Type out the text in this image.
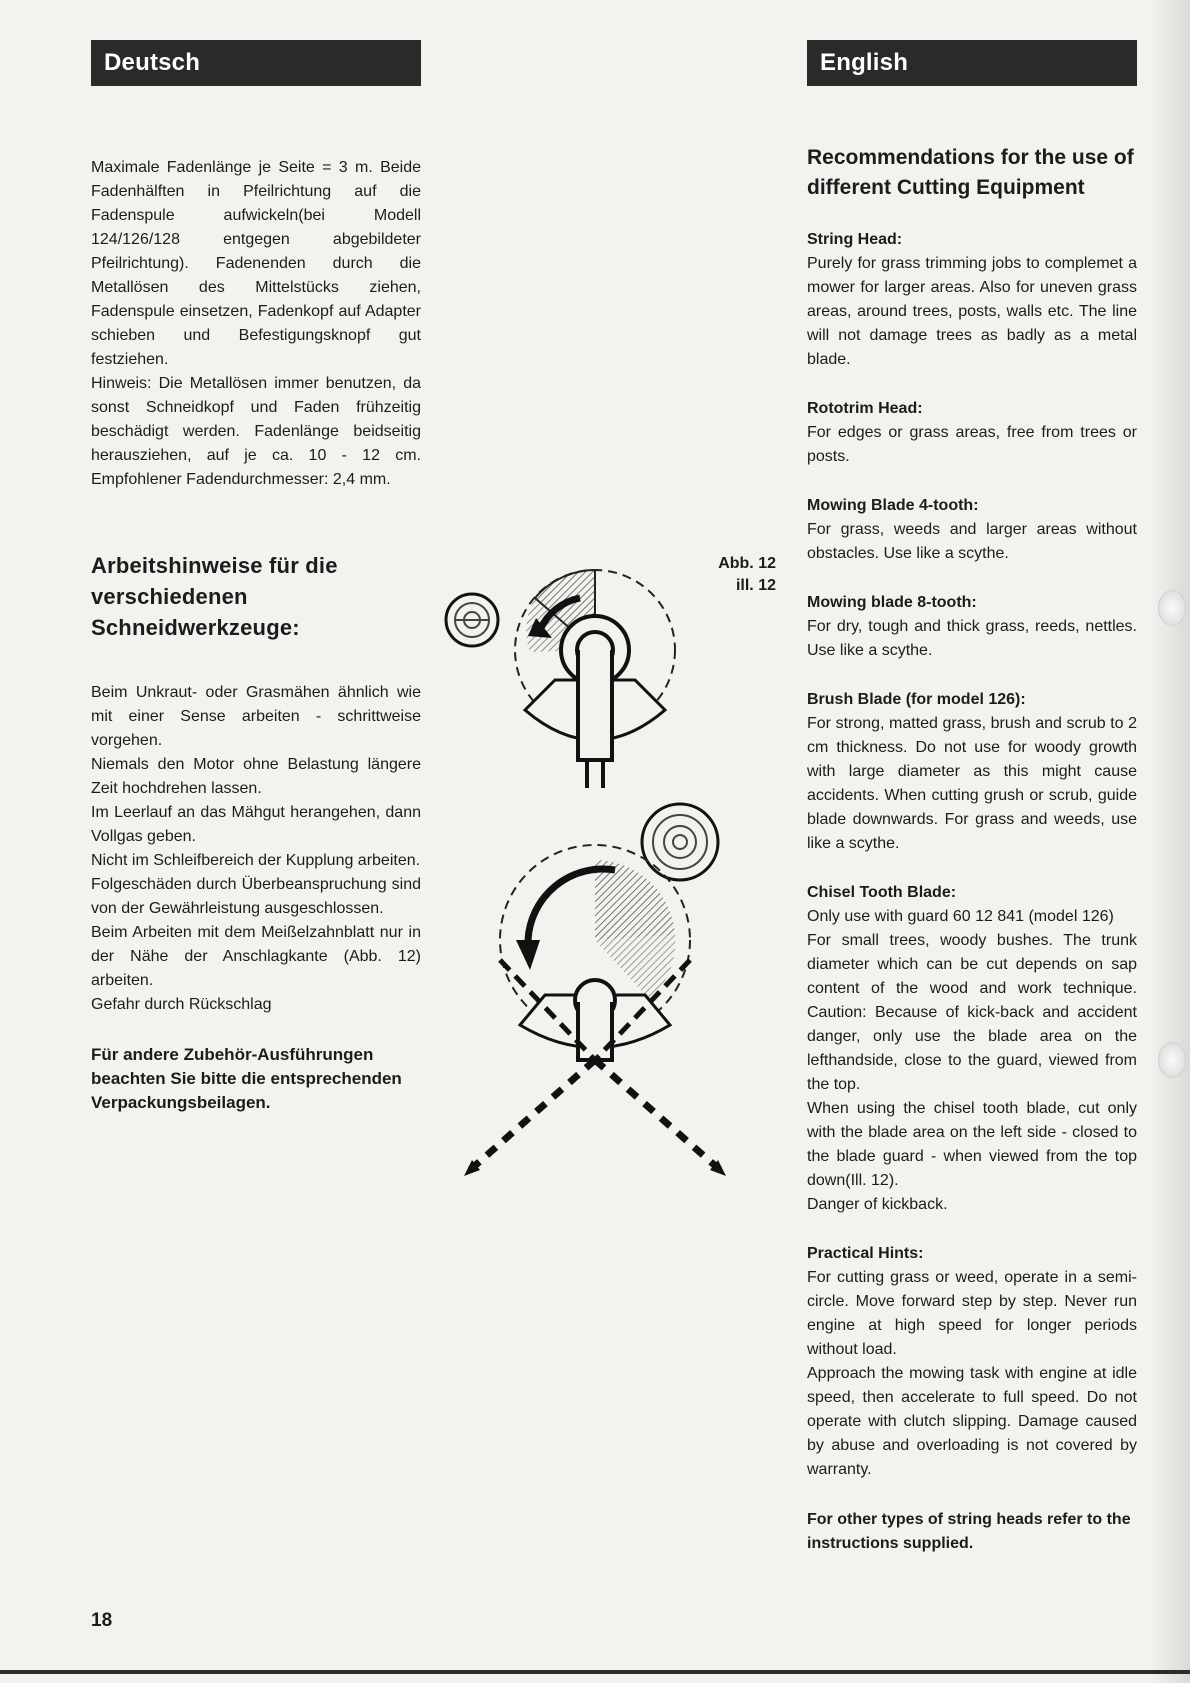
Deutsch

Maximale Fadenlänge je Seite = 3 m. Beide Fadenhälften in Pfeilrichtung auf die Fadenspule aufwickeln(bei Modell 124/126/128 entgegen abgebildeter Pfeilrichtung). Fadenenden durch die Metallösen des Mittelstücks ziehen, Fadenspule einsetzen, Fadenkopf auf Adapter schieben und Befestigungsknopf gut festziehen.

Hinweis: Die Metallösen immer benutzen, da sonst Schneidkopf und Faden frühzeitig beschädigt werden. Fadenlänge beidseitig herausziehen, auf je ca. 10 - 12 cm. Empfohlener Fadendurchmesser: 2,4 mm.

Arbeitshinweise für die verschiedenen Schneidwerkzeuge:

Beim Unkraut- oder Grasmähen ähnlich wie mit einer Sense arbeiten - schrittweise vorgehen.

Niemals den Motor ohne Belastung längere Zeit hochdrehen lassen.

Im Leerlauf an das Mähgut herangehen, dann Vollgas geben.

Nicht im Schleifbereich der Kupplung arbeiten.

Folgeschäden durch Überbeanspruchung sind von der Gewährleistung ausgeschlossen.

Beim Arbeiten mit dem Meißelzahnblatt nur in der Nähe der Anschlagkante (Abb. 12) arbeiten.

Gefahr durch Rückschlag

Für andere Zubehör-Ausführungen beachten Sie bitte die entsprechenden Verpackungsbeilagen.
Abb. 12
ill. 12
English
Recommendations for the use of different Cutting Equipment

String Head:

Purely for grass trimming jobs to complemet a mower for larger areas. Also for uneven grass areas, around trees, posts, walls etc. The line will not damage trees as badly as a metal blade.

Rototrim Head:

For edges or grass areas, free from trees or posts.

Mowing Blade 4-tooth:

For grass, weeds and larger areas without obstacles. Use like a scythe.

Mowing blade 8-tooth:

For dry, tough and thick grass, reeds, nettles. Use like a scythe.

Brush Blade (for model 126):

For strong, matted grass, brush and scrub to 2 cm thickness. Do not use for woody growth with large diameter as this might cause accidents. When cutting grush or scrub, guide blade downwards. For grass and weeds, use like a scythe.

Chisel Tooth Blade:

Only use with guard 60 12 841 (model 126)

For small trees, woody bushes. The trunk diameter which can be cut depends on sap content of the wood and work technique. Caution: Because of kick-back and accident danger, only use the blade area on the lefthandside, close to the guard, viewed from the top.

When using the chisel tooth blade, cut only with the blade area on the left side - closed to the blade guard - when viewed from the top down(Ill. 12).

Danger of kickback.

Practical Hints:

For cutting grass or weed, operate in a semi-circle. Move forward step by step. Never run engine at high speed for longer periods without load.

Approach the mowing task with engine at idle speed, then accelerate to full speed. Do not operate with clutch slipping. Damage caused by abuse and overloading is not covered by warranty.

For other types of string heads refer to the instructions supplied.
18
